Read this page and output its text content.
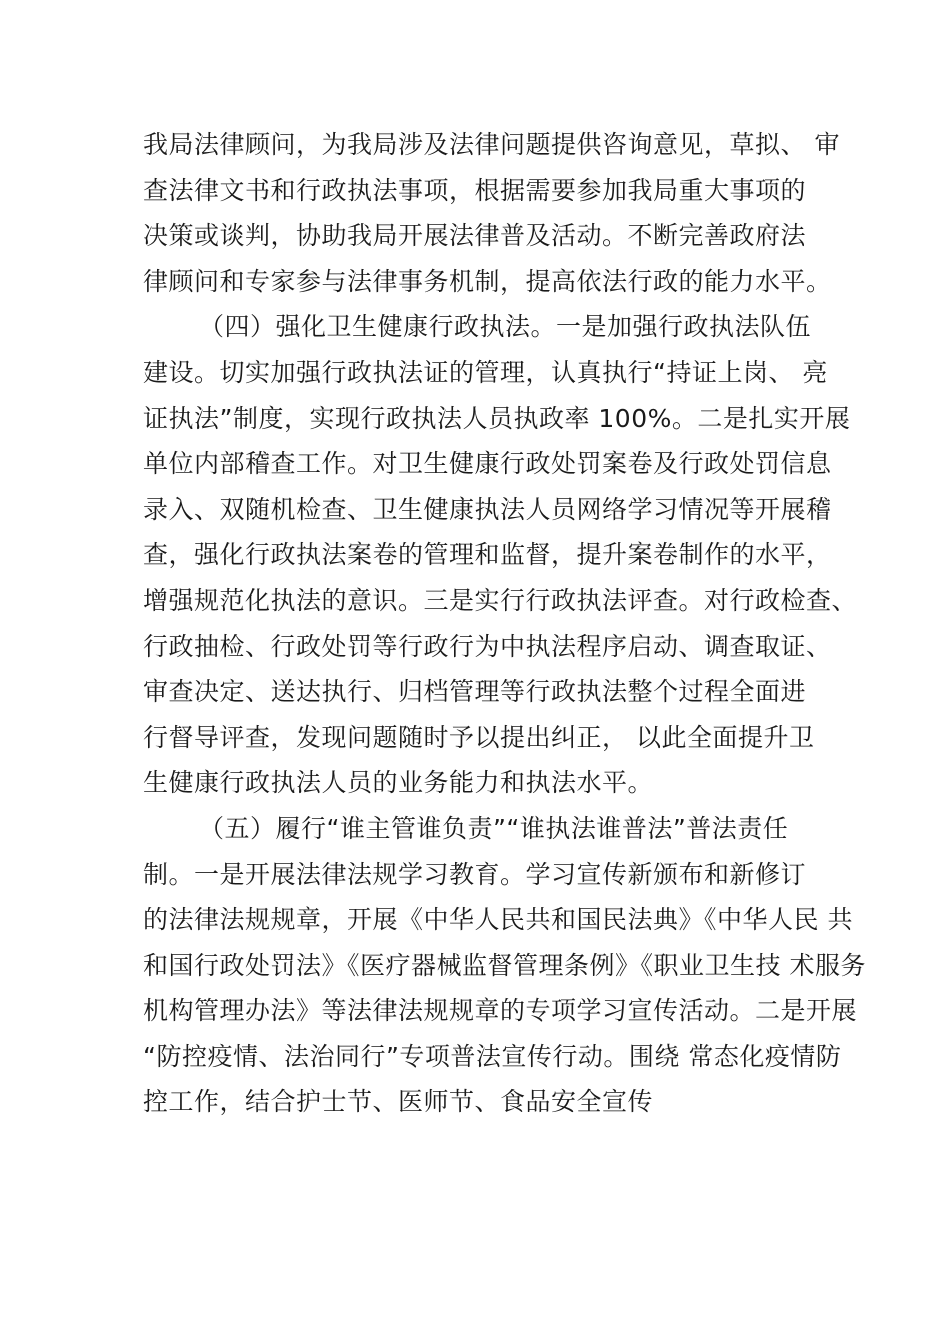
我局法律顾问，为我局涉及法律问题提供咨询意见，草拟、 审
查法律文书和行政执法事项，根据需要参加我局重大事项的
决策或谈判，协助我局开展法律普及活动。不断完善政府法
律顾问和专家参与法律事务机制，提高依法行政的能力水平。
（四）强化卫生健康行政执法。一是加强行政执法队伍
建设。切实加强行政执法证的管理，认真执行“持证上岗、 亮
证执法”制度，实现行政执法人员执政率 100%。二是扎实开展
单位内部稽查工作。对卫生健康行政处罚案卷及行政处罚信息
录入、双随机检查、卫生健康执法人员网络学习情况等开展稽
查，强化行政执法案卷的管理和监督，提升案卷制作的水平，
增强规范化执法的意识。三是实行行政执法评查。对行政检查、
行政抽检、行政处罚等行政行为中执法程序启动、调查取证、
审查决定、送达执行、归档管理等行政执法整个过程全面进
行督导评查，发现问题随时予以提出纠正， 以此全面提升卫
生健康行政执法人员的业务能力和执法水平。
（五）履行“谁主管谁负责”“谁执法谁普法”普法责任
制。一是开展法律法规学习教育。学习宣传新颁布和新修订
的法律法规规章，开展《中华人民共和国民法典》《中华人民 共
和国行政处罚法》《医疗器械监督管理条例》《职业卫生技 术服务
机构管理办法》等法律法规规章的专项学习宣传活动。二是开展
“防控疫情、法治同行”专项普法宣传行动。围绕 常态化疫情防
控工作，结合护士节、医师节、食品安全宣传
